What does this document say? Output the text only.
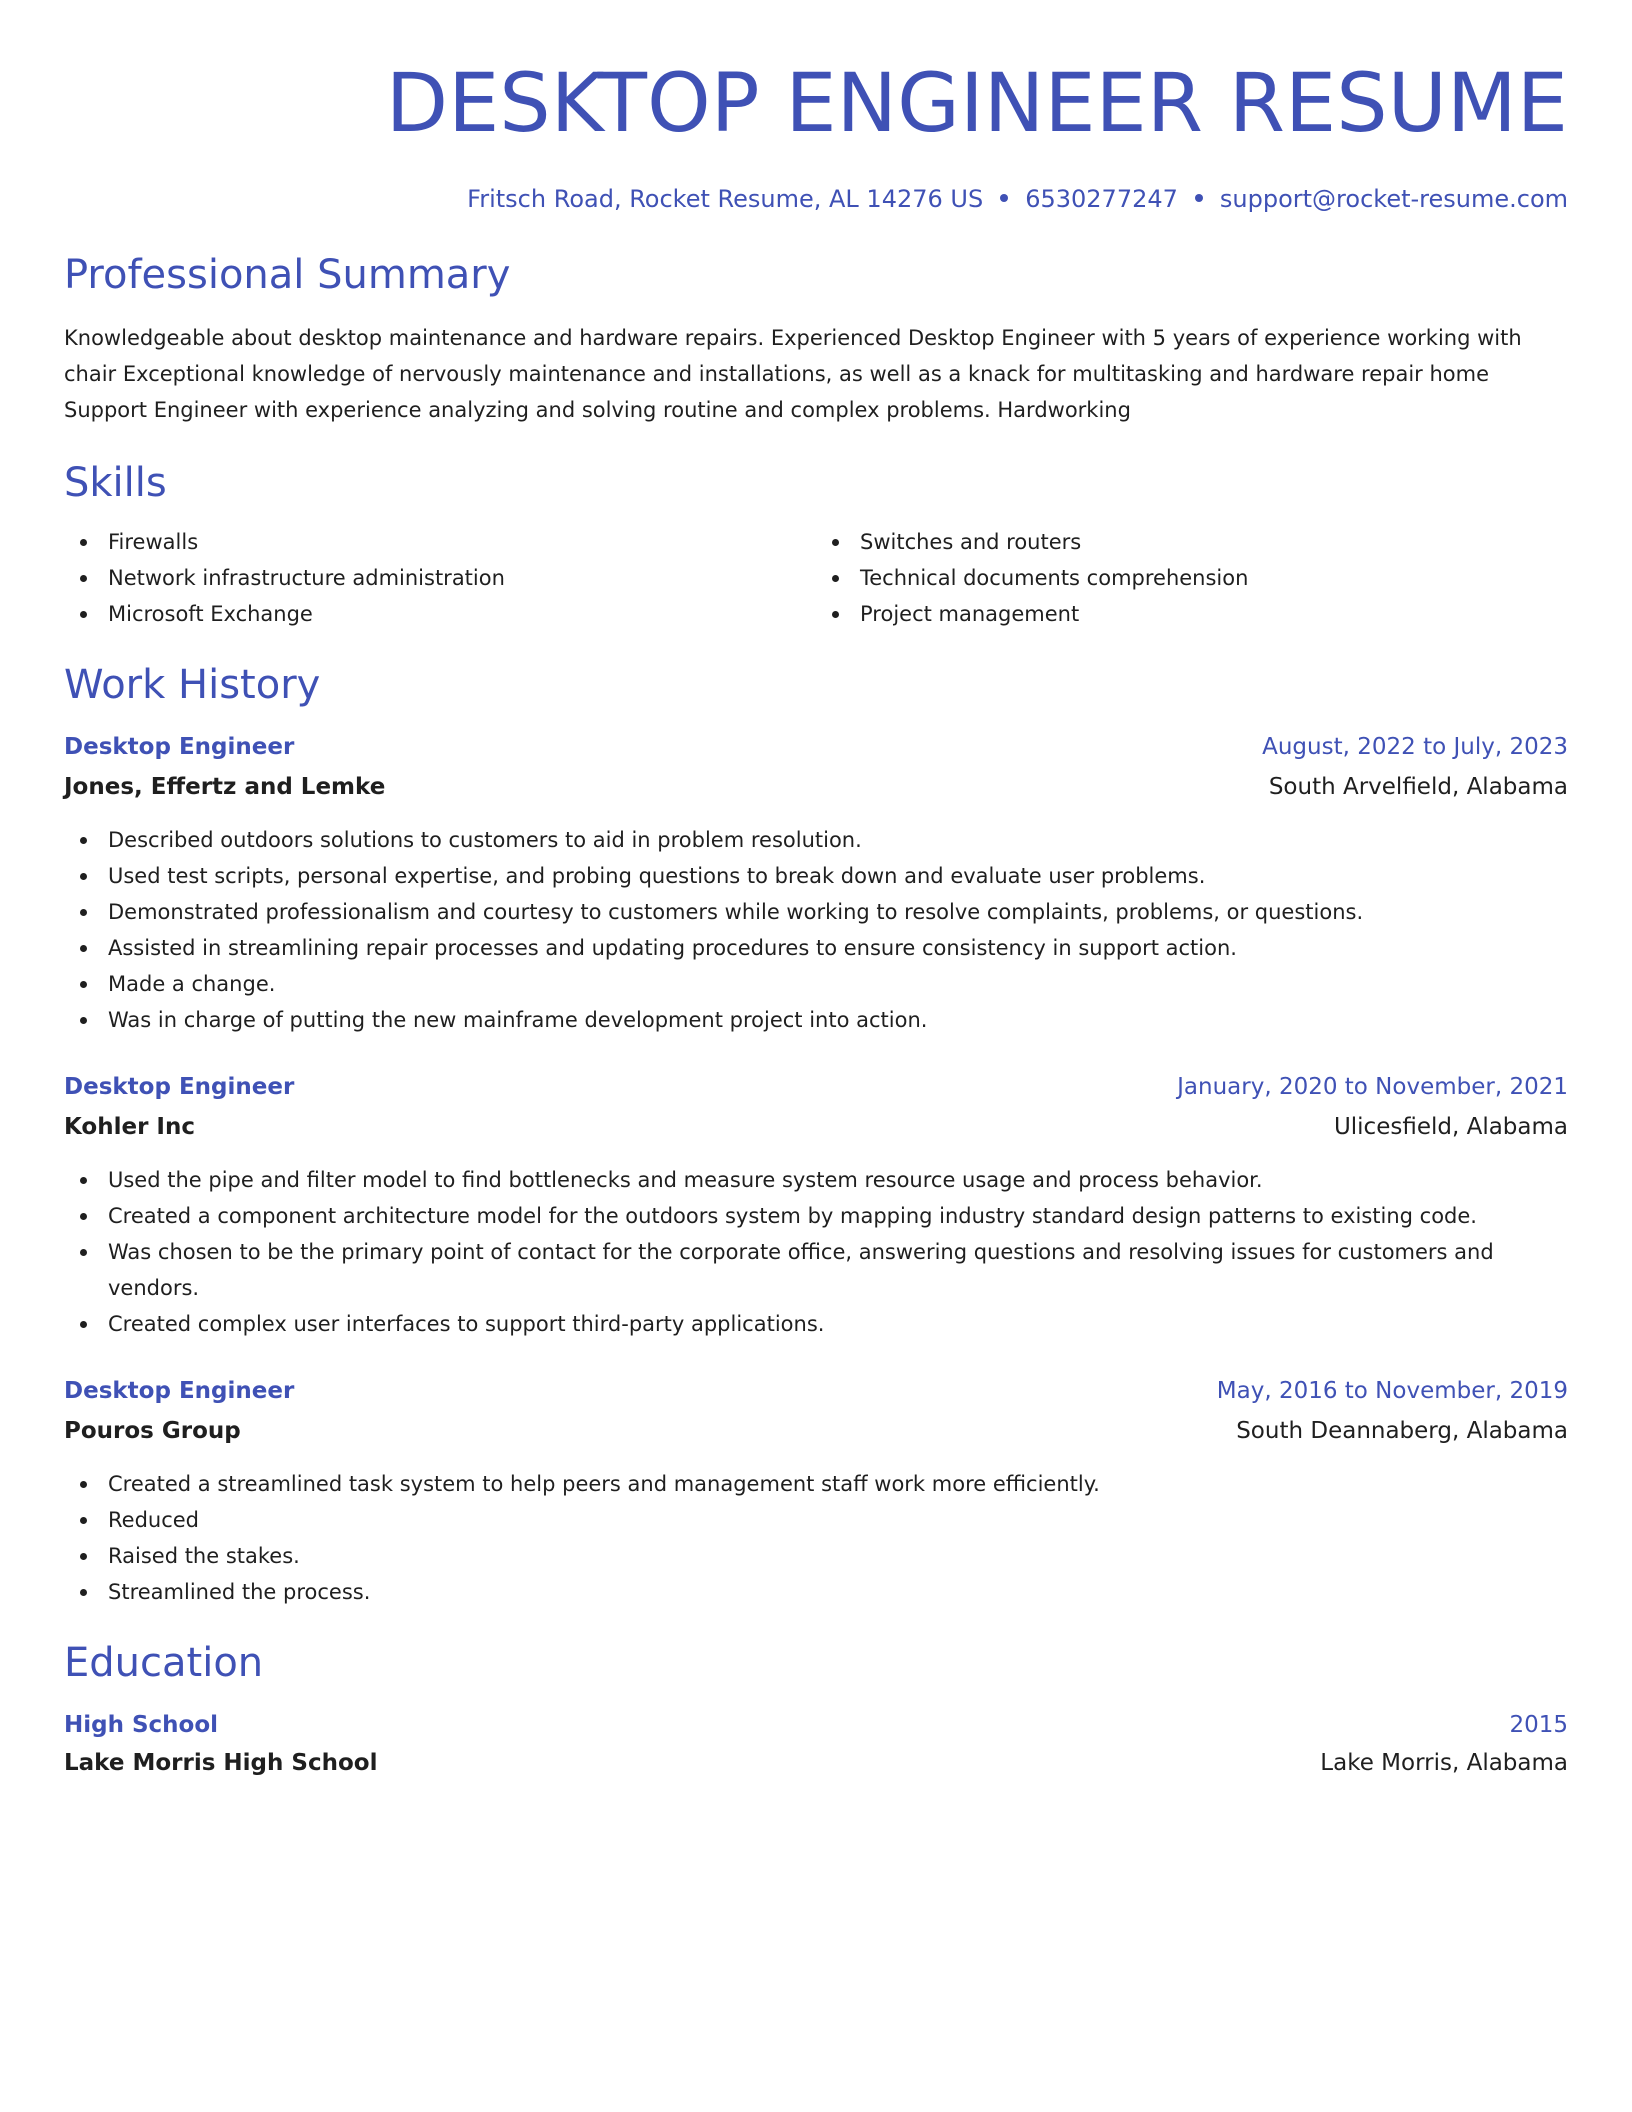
DESKTOP ENGINEER RESUME
Fritsch Road, Rocket Resume, AL 14276 US 6530277247 support@rocket-resume.com
Professional Summary
Knowledgeable about desktop maintenance and hardware repairs. Experienced Desktop Engineer with 5 years of experience working with chair Exceptional knowledge of nervously maintenance and installations, as well as a knack for multitasking and hardware repair home Support Engineer with experience analyzing and solving routine and complex problems. Hardworking
Skills
Firewalls
Network infrastructure administration
Microsoft Exchange
Switches and routers
Technical documents comprehension
Project management
Work History
Desktop Engineer	August, 2022 to July, 2023
Jones, Effertz and Lemke	South Arvelfield, Alabama
Described outdoors solutions to customers to aid in problem resolution.
Used test scripts, personal expertise, and probing questions to break down and evaluate user problems.
Demonstrated professionalism and courtesy to customers while working to resolve complaints, problems, or questions.
Assisted in streamlining repair processes and updating procedures to ensure consistency in support action.
Made a change.
Was in charge of putting the new mainframe development project into action.
Desktop Engineer	January, 2020 to November, 2021
Kohler Inc	Ulicesfield, Alabama
Used the pipe and filter model to find bottlenecks and measure system resource usage and process behavior.
Created a component architecture model for the outdoors system by mapping industry standard design patterns to existing code.
Was chosen to be the primary point of contact for the corporate office, answering questions and resolving issues for customers and vendors.
Created complex user interfaces to support third-party applications.
Desktop Engineer	May, 2016 to November, 2019
Pouros Group	South Deannaberg, Alabama
Created a streamlined task system to help peers and management staff work more efficiently.
Reduced
Raised the stakes.
Streamlined the process.
Education
High School	2015
Lake Morris High School	Lake Morris, Alabama
